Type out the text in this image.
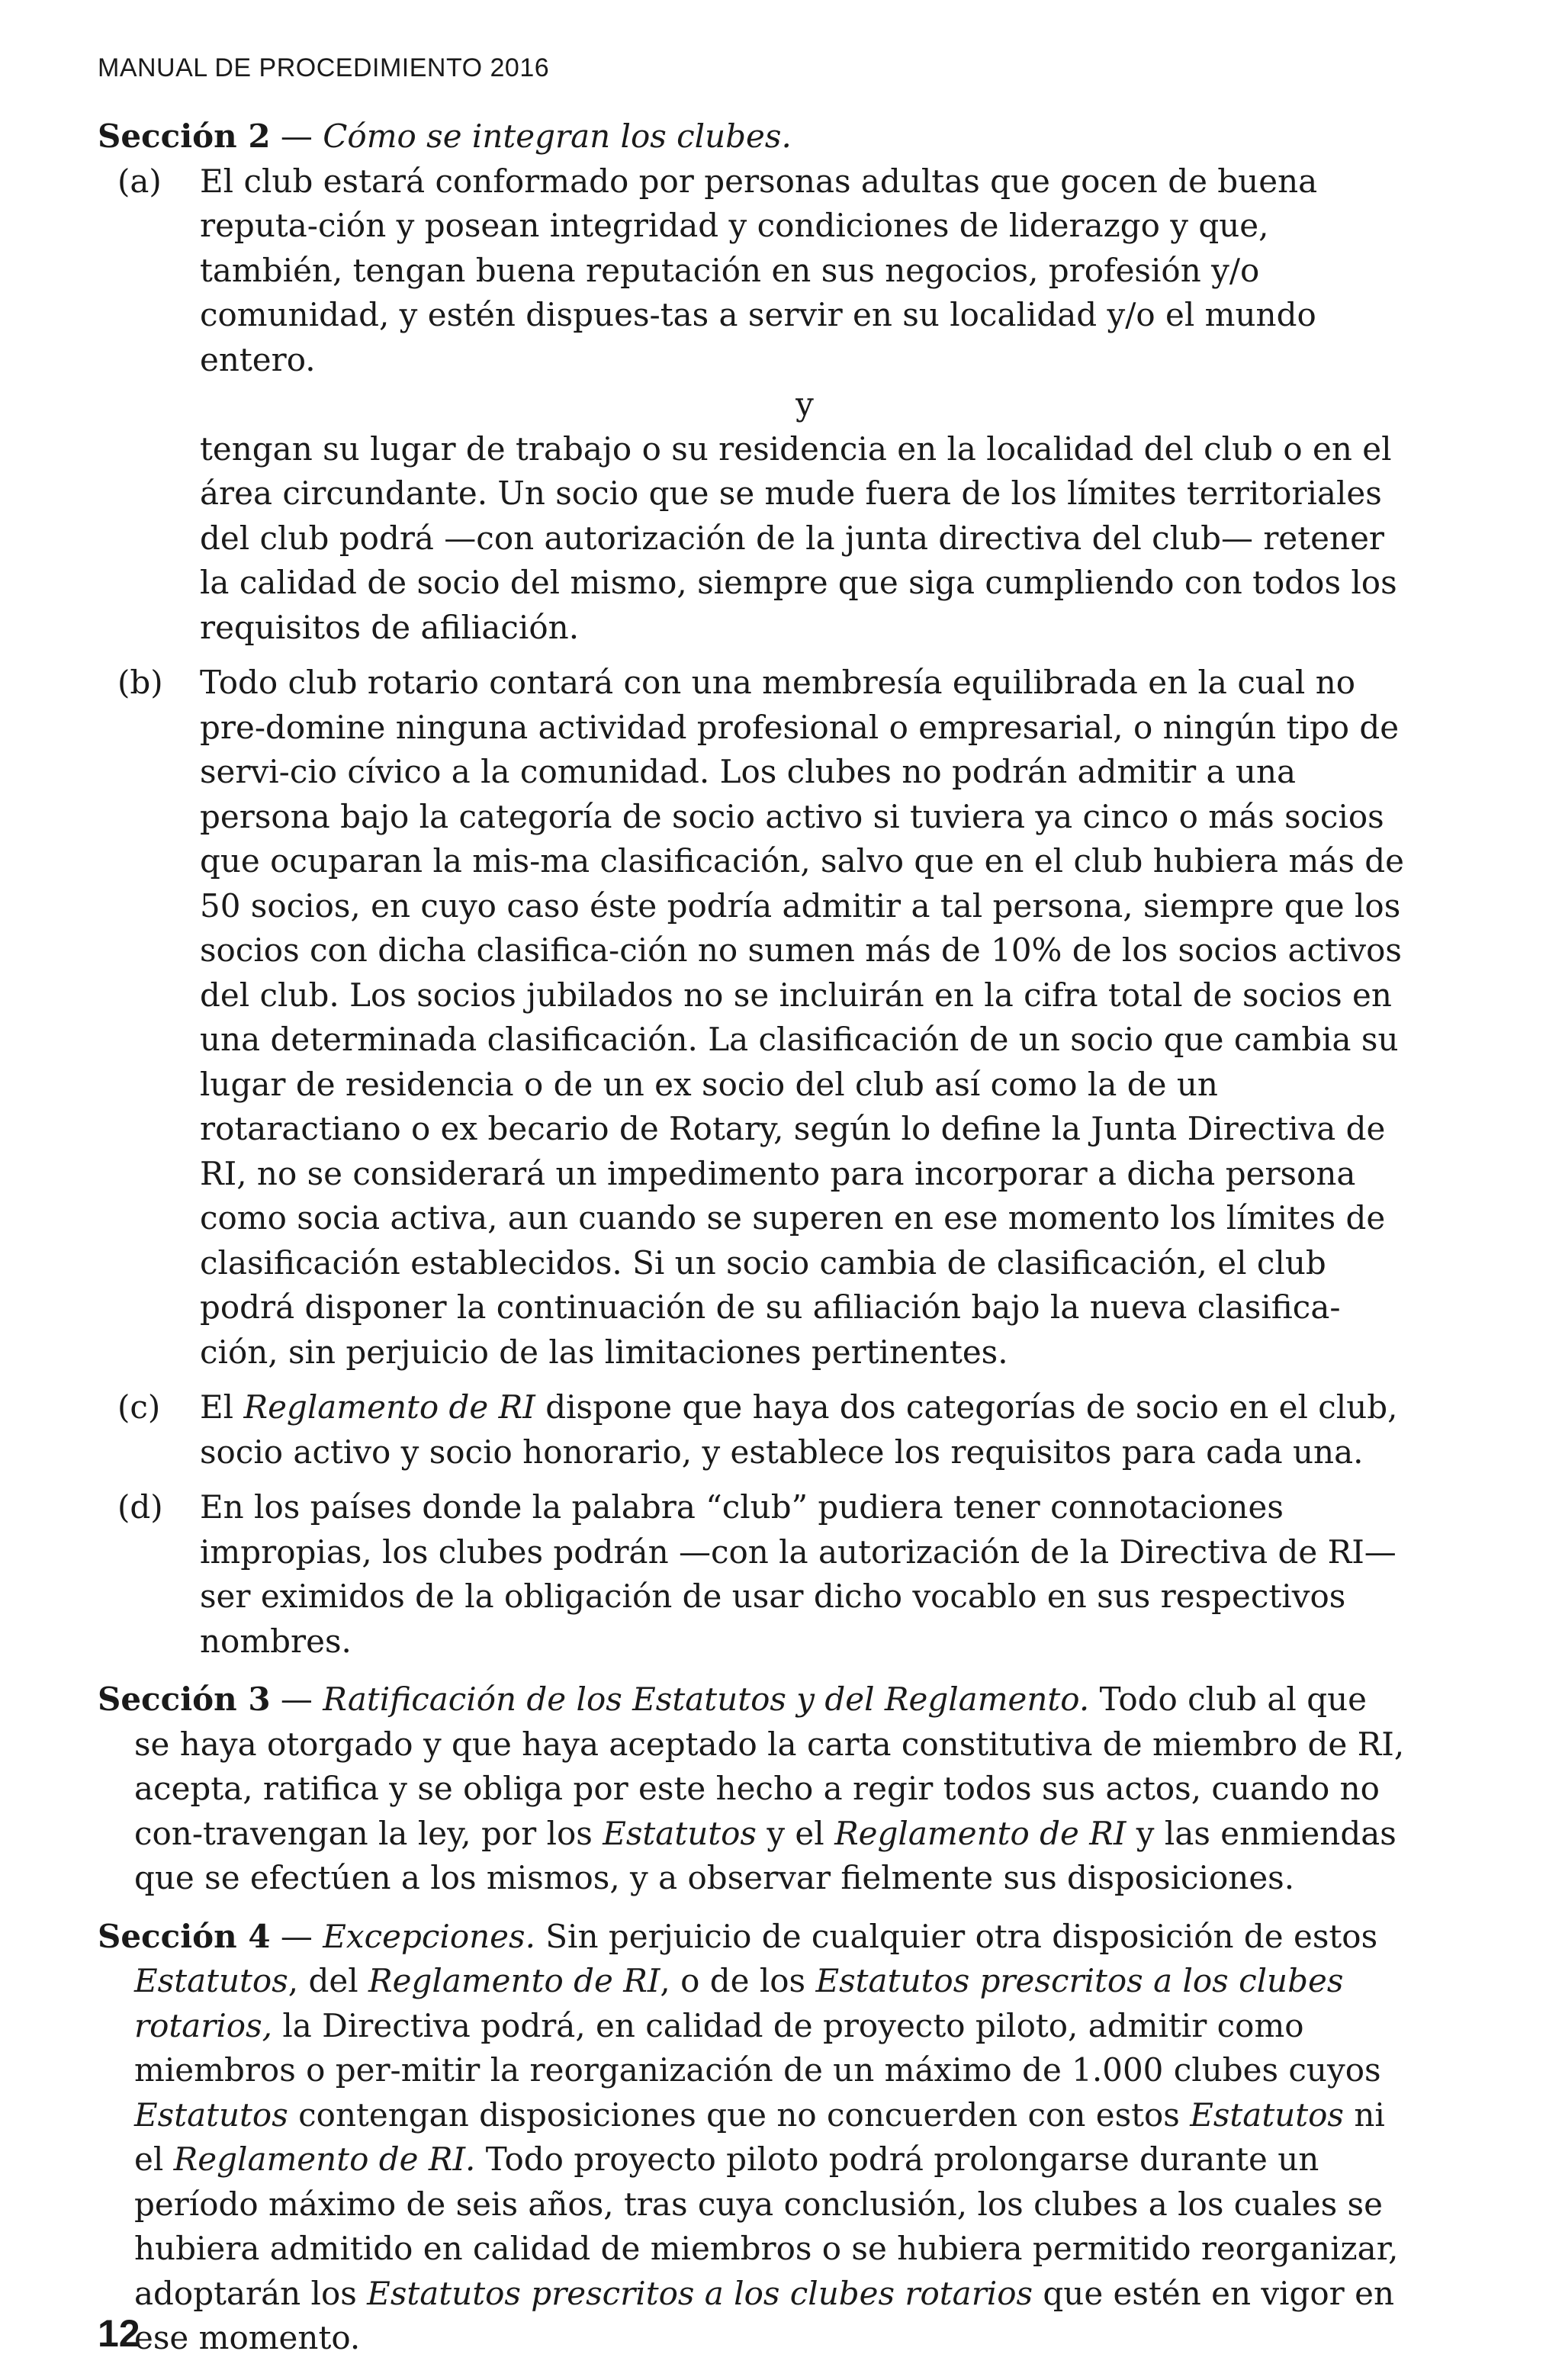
MANUAL DE PROCEDIMIENTO 2016

Sección 2 — Cómo se integran los clubes.

(a) El club estará conformado por personas adultas que gocen de buena reputa-ción y posean integridad y condiciones de liderazgo y que, también, tengan buena reputación en sus negocios, profesión y/o comunidad, y estén dispues-tas a servir en su localidad y/o el mundo entero.

y

tengan su lugar de trabajo o su residencia en la localidad del club o en el área circundante. Un socio que se mude fuera de los límites territoriales del club podrá —con autorización de la junta directiva del club— retener la calidad de socio del mismo, siempre que siga cumpliendo con todos los requisitos de afiliación.

(b) Todo club rotario contará con una membresía equilibrada en la cual no pre-domine ninguna actividad profesional o empresarial, o ningún tipo de servi-cio cívico a la comunidad. Los clubes no podrán admitir a una persona bajo la categoría de socio activo si tuviera ya cinco o más socios que ocuparan la mis-ma clasificación, salvo que en el club hubiera más de 50 socios, en cuyo caso éste podría admitir a tal persona, siempre que los socios con dicha clasifica-ción no sumen más de 10% de los socios activos del club. Los socios jubilados no se incluirán en la cifra total de socios en una determinada clasificación. La clasificación de un socio que cambia su lugar de residencia o de un ex socio del club así como la de un rotaractiano o ex becario de Rotary, según lo define la Junta Directiva de RI, no se considerará un impedimento para incorporar a dicha persona como socia activa, aun cuando se superen en ese momento los límites de clasificación establecidos. Si un socio cambia de clasificación, el club podrá disponer la continuación de su afiliación bajo la nueva clasifica-ción, sin perjuicio de las limitaciones pertinentes.

(c) El Reglamento de RI dispone que haya dos categorías de socio en el club, socio activo y socio honorario, y establece los requisitos para cada una.

(d) En los países donde la palabra “club” pudiera tener connotaciones impropias, los clubes podrán —con la autorización de la Directiva de RI— ser eximidos de la obligación de usar dicho vocablo en sus respectivos nombres.

Sección 3 — Ratificación de los Estatutos y del Reglamento. Todo club al que se haya otorgado y que haya aceptado la carta constitutiva de miembro de RI, acepta, ratifica y se obliga por este hecho a regir todos sus actos, cuando no con-travengan la ley, por los Estatutos y el Reglamento de RI y las enmiendas que se efectúen a los mismos, y a observar fielmente sus disposiciones.

Sección 4 — Excepciones. Sin perjuicio de cualquier otra disposición de estos Estatutos, del Reglamento de RI, o de los Estatutos prescritos a los clubes rotarios, la Directiva podrá, en calidad de proyecto piloto, admitir como miembros o per-mitir la reorganización de un máximo de 1.000 clubes cuyos Estatutos contengan disposiciones que no concuerden con estos Estatutos ni el Reglamento de RI. Todo proyecto piloto podrá prolongarse durante un período máximo de seis años, tras cuya conclusión, los clubes a los cuales se hubiera admitido en calidad de miembros o se hubiera permitido reorganizar, adoptarán los Estatutos prescritos a los clubes rotarios que estén en vigor en ese momento.

12
